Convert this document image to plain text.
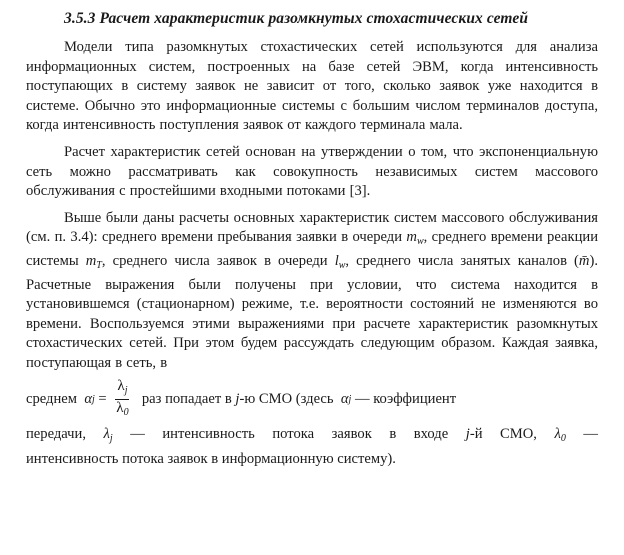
3.5.3 Расчет характеристик разомкнутых стохастических сетей

Модели типа разомкнутых стохастических сетей используются для анализа информационных систем, построенных на базе сетей ЭВМ, когда интенсивность поступающих в систему заявок не зависит от того, сколько заявок уже находится в системе. Обычно это информационные системы с большим числом терминалов доступа, когда интенсивность поступления заявок от каждого терминала мала.

Расчет характеристик сетей основан на утверждении о том, что экспоненциальную сеть можно рассматривать как совокупность независимых систем массового обслуживания с простейшими входными потоками [3].

Выше были даны расчеты основных характеристик систем массового обслуживания (см. п. 3.4): среднего времени пребывания заявки в очереди $m_w$, среднего времени реакции системы $m_T$, среднего числа заявок в очереди $l_w$, среднего числа занятых каналов (m̄). Расчетные выражения были получены при условии, что система находится в установившемся (стационарном) режиме, т.е. вероятности состояний не изменяются во времени. Воспользуемся этими выражениями при расчете характеристик разомкнутых стохастических сетей. При этом будем рассуждать следующим образом. Каждая заявка, поступающая в сеть, в

среднем α $j = \frac{\lambda_j}{\lambda_0}$ раз попадает в j -ю СМО (здесь α j — коэффициент
передачи, $\lambda_j$ — интенсивность потока заявок в входе j-й СМО, $\lambda_0$ —
интенсивность потока заявок в информационную систему).
